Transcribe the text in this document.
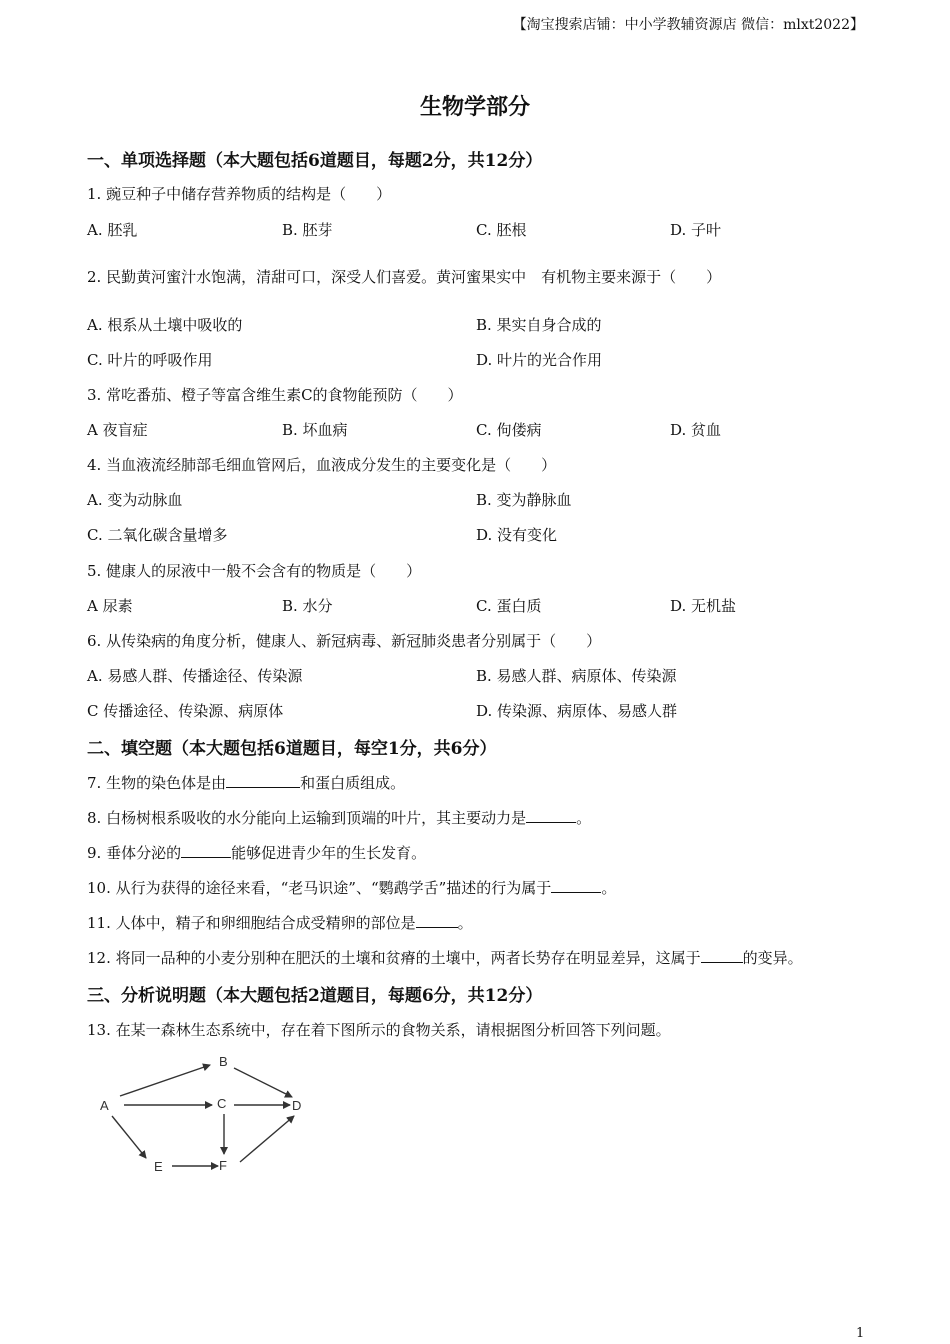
【淘宝搜索店铺：中小学教辅资源店 微信：mlxt2022】
生物学部分
一、单项选择题（本大题包括6道题目，每题2分，共12分）
1. 豌豆种子中储存营养物质的结构是（　　）
A. 胚乳	B. 胚芽	C. 胚根	D. 子叶
2. 民勤黄河蜜汁水饱满，清甜可口，深受人们喜爱。黄河蜜果实中　有机物主要来源于（　　）
A. 根系从土壤中吸收的	B. 果实自身合成的
C. 叶片的呼吸作用	D. 叶片的光合作用
3. 常吃番茄、橙子等富含维生素C的食物能预防（　　）
A 夜盲症	B. 坏血病	C. 佝偻病	D. 贫血
4. 当血液流经肺部毛细血管网后，血液成分发生的主要变化是（　　）
A. 变为动脉血	B. 变为静脉血
C. 二氧化碳含量增多	D. 没有变化
5. 健康人的尿液中一般不会含有的物质是（　　）
A 尿素	B. 水分	C. 蛋白质	D. 无机盐
6. 从传染病的角度分析，健康人、新冠病毒、新冠肺炎患者分别属于（　　）
A. 易感人群、传播途径、传染源	B. 易感人群、病原体、传染源
C 传播途径、传染源、病原体	D. 传染源、病原体、易感人群
二、填空题（本大题包括6道题目，每空1分，共6分）
7. 生物的染色体是由	和蛋白质组成。
8. 白杨树根系吸收的水分能向上运输到顶端的叶片，其主要动力是	。
9. 垂体分泌的	能够促进青少年的生长发育。
10. 从行为获得的途径来看，“老马识途”、“鹦鹉学舌”描述的行为属于	。
11. 人体中，精子和卵细胞结合成受精卵的部位是	。
12. 将同一品种的小麦分别种在肥沃的土壤和贫瘠的土壤中，两者长势存在明显差异，这属于	的变异。
三、分析说明题（本大题包括2道题目，每题6分，共12分）
13. 在某一森林生态系统中，存在着下图所示的食物关系，请根据图分析回答下列问题。
A
B
C	D
E	F
1
